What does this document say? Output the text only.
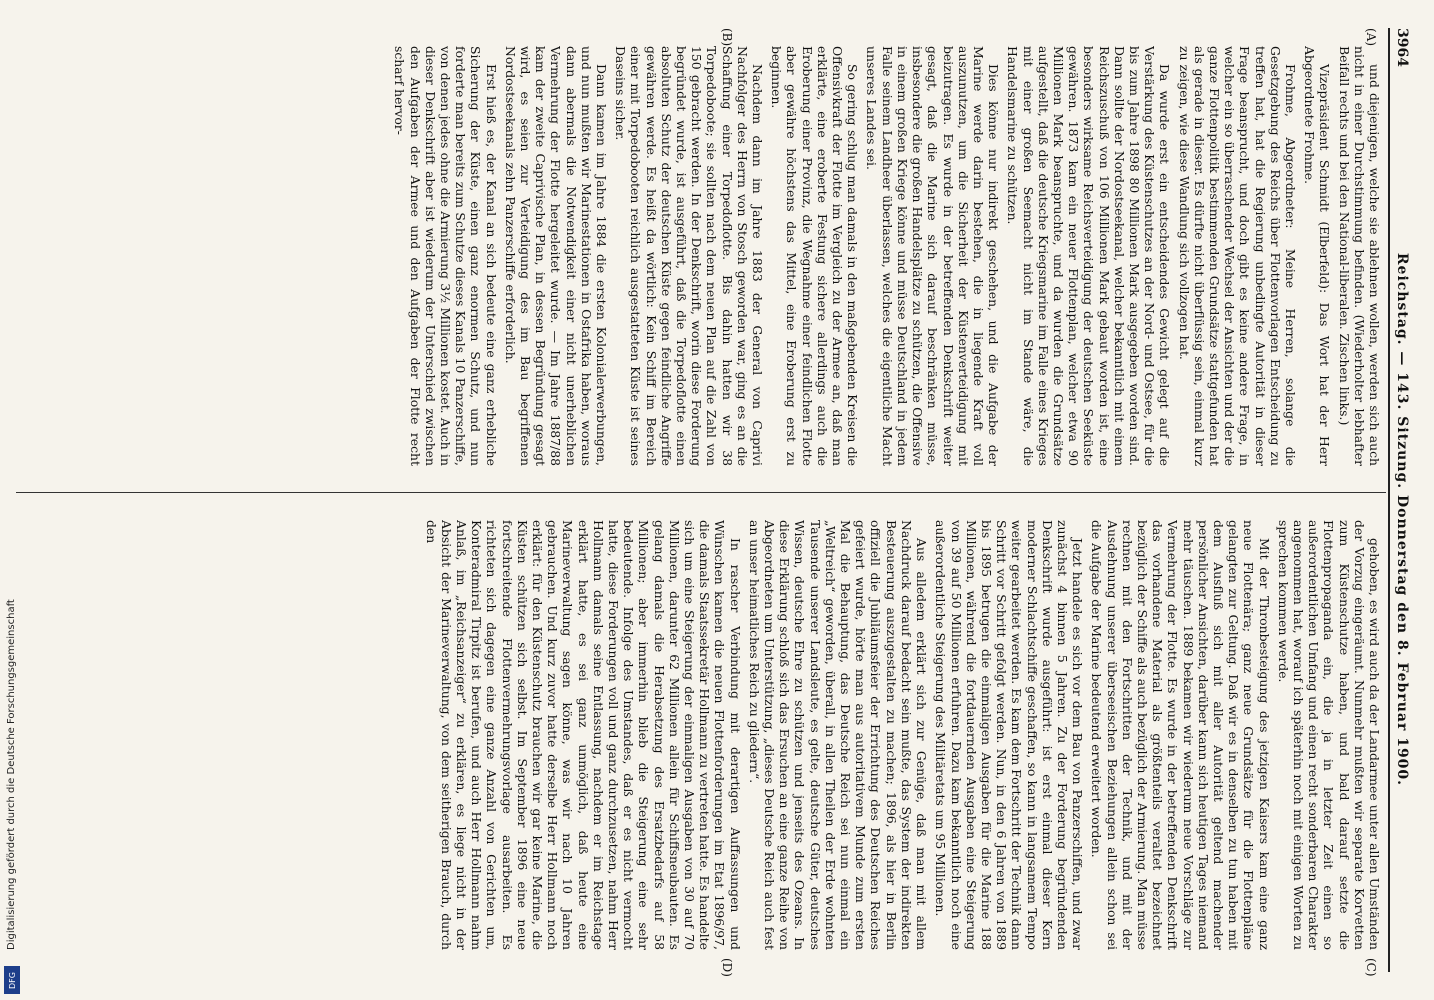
3964
Reichstag. — 143. Sitzung. Donnerstag den 8. Februar 1900.
(A)
(B)
(C)
(D)

und diejenigen, welche sie ablehnen wollen, werden sich auch nicht in einer Durchstimmung befinden. (Wiederholter lebhafter Beifall rechts und bei den National-liberalen. Zischen links.)

Vizepräsident Schmidt (Elberfeld): Das Wort hat der Herr Abgeordnete Frohme.

Frohme, Abgeordneter: Meine Herren, solange die Gesetzgebung des Reichs über Flottenvorlagen Entscheidung zu treffen hat, hat die Regierung unbedingte Autorität in dieser Frage beansprucht, und doch gibt es keine andere Frage, in welcher ein so überraschender Wechsel der Ansichten und der die ganze Flottenpolitik bestimmenden Grundsätze stattgefunden hat als gerade in dieser. Es dürfte nicht überflüssig sein, einmal kurz zu zeigen, wie diese Wandlung sich vollzogen hat.

Da wurde erst ein entscheidendes Gewicht gelegt auf die Verstärkung des Küstenschutzes an der Nord- und Ostsee, für die bis zum Jahre 1898 80 Millionen Mark ausgegeben worden sind. Dann sollte der Nordostseekanal, welcher bekanntlich mit einem Reichszuschuß von 106 Millionen Mark gebaut worden ist, eine besonders wirksame Reichsverteidigung der deutschen Seeküste gewähren. 1873 kam ein neuer Flottenplan, welcher etwa 90 Millionen Mark beanspruchte, und da wurden die Grundsätze aufgestellt, daß die deutsche Kriegsmarine im Falle eines Krieges mit einer großen Seemacht nicht im Stande wäre, die Handelsmarine zu schützen.

Dies könne nur indirekt geschehen, und die Aufgabe der Marine werde darin bestehen, die in liegende Kraft voll auszunutzen, um die Sicherheit der Küstenverteidigung mit beizutragen. Es wurde in der betreffenden Denkschrift weiter gesagt, daß die Marine sich darauf beschränken müsse, insbesondere die großen Handelsplätze zu schützen, die Offensive in einem großen Kriege könne und müsse Deutschland in jedem Falle seinem Landheer überlassen, welches die eigentliche Macht unseres Landes sei.

So gering schlug man damals in den maßgebenden Kreisen die Offensivkraft der Flotte im Vergleich zu der Armee an, daß man erklärte, eine eroberte Festung sichere allerdings auch die Eroberung einer Provinz, die Wegnahme einer feindlichen Flotte aber gewähre höchstens das Mittel, eine Eroberung erst zu beginnen.

Nachdem dann im Jahre 1883 der General von Caprivi Nachfolger des Herrn von Stosch geworden war, ging es an die Schaffung einer Torpedoflotte. Bis dahin hatten wir 38 Torpedoboote; sie sollten nach dem neuen Plan auf die Zahl von 150 gebracht werden. In der Denkschrift, worin diese Forderung begründet wurde, ist ausgeführt, daß die Torpedoflotte einen absoluten Schutz der deutschen Küste gegen feindliche Angriffe gewähren werde. Es heißt da wörtlich: Kein Schiff im Bereich einer mit Torpedobooten reichlich ausgestatteten Küste ist seines Daseins sicher.

Dann kamen im Jahre 1884 die ersten Kolonialerwerbungen, und nun mußten wir Marinestationen in Ostafrika haben, woraus dann abermals die Notwendigkeit einer nicht unerheblichen Vermehrung der Flotte hergeleitet wurde. — Im Jahre 1887/88 kam der zweite Caprivische Plan, in dessen Begründung gesagt wird, es seien zur Verteidigung des im Bau begriffenen Nordostseekanals zehn Panzerschiffe erforderlich.

Erst hieß es, der Kanal an sich bedeute eine ganz erhebliche Sicherung der Küste, einen ganz enormen Schutz, und nun forderte man bereits zum Schutze dieses Kanals 10 Panzerschiffe, von denen jedes ohne die Armierung 3½ Millionen kostet. Auch in dieser Denkschrift aber ist wiederum der Unterschied zwischen den Aufgaben der Armee und den Aufgaben der Flotte recht scharf hervor-

gehoben, es wird auch da der Landarmee unter allen Umständen der Vorzug eingeräumt. Nunmehr mußten wir separate Korvetten zum Küstenschutze haben, und bald darauf setzte die Flottenpropaganda ein, die ja in letzter Zeit einen so außerordentlichen Umfang und einen recht sonderbaren Charakter angenommen hat, worauf ich späterhin noch mit einigen Worten zu sprechen kommen werde.

Mit der Thronbesteigung des jetzigen Kaisers kam eine ganz neue Flottenära; ganz neue Grundsätze für die Flottenpläne gelangten zur Geltung. Daß wir es in denselben zu tun haben mit dem Ausfluß sich mit aller Autorität geltend machender persönlicher Ansichten, darüber kann sich heutigen Tages niemand mehr täuschen. 1889 bekamen wir wiederum neue Vorschläge zur Vermehrung der Flotte. Es wurde in der betreffenden Denkschrift das vorhandene Material als größtenteils veraltet bezeichnet bezüglich der Schiffe als auch bezüglich der Armierung. Man müsse rechnen mit den Fortschritten der Technik, und mit der Ausdehnung unserer überseeischen Beziehungen allein schon sei die Aufgabe der Marine bedeutend erweitert worden.

Jetzt handele es sich vor dem Bau von Panzerschiffen, und zwar zunächst 4 binnen 5 Jahren. Zu der Forderung begründenden Denkschrift wurde ausgeführt: ist erst einmal dieser Kern moderner Schlachtschiffe geschaffen, so kann in langsamem Tempo weiter gearbeitet werden. Es kam dem Fortschritt der Technik dann Schritt vor Schritt gefolgt werden. Nun, in den 6 Jahren von 1889 bis 1895 betrugen die einmaligen Ausgaben für die Marine 188 Millionen, während die fortdauernden Ausgaben eine Steigerung von 39 auf 50 Millionen erfuhren. Dazu kam bekanntlich noch eine außerordentliche Steigerung des Militäretats um 95 Millionen.

Aus alledem erklärt sich zur Genüge, daß man mit allem Nachdruck darauf bedacht sein mußte, das System der indirekten Besteuerung auszugestalten zu machen; 1896, als hier in Berlin offiziell die Jubiläumsfeier der Errichtung des Deutschen Reiches gefeiert wurde, hörte man aus autoritativem Munde zum ersten Mal die Behauptung, das Deutsche Reich sei nun einmal ein „Weltreich“ geworden, überall, in allen Theilen der Erde wohnten Tausende unserer Landsleute, es gelte, deutsche Güter, deutsches Wissen, deutsche Ehre zu schützen und jenseits des Ozeans. In diese Erklärung schloß sich das Ersuchen an eine ganze Reihe von Abgeordneten um Unterstützung, „dieses Deutsche Reich auch fest an unser heimatliches Reich zu gliedern“.

In rascher Verbindung mit derartigen Auffassungen und Wünschen kamen die neuen Flottenforderungen im Etat 1896/97, die damals Staatssekretär Hollmann zu vertreten hatte. Es handelte sich um eine Steigerung der einmaligen Ausgaben von 30 auf 70 Millionen, darunter 62 Millionen allein für Schiffsneubauten. Es gelang damals die Herabsetzung des Ersatzbedarfs auf 58 Millionen; aber immerhin blieb die Steigerung eine sehr bedeutende. Infolge des Umstandes, daß er es nicht vermocht hatte, diese Forderungen voll und ganz durchzusetzen, nahm Herr Hollmann damals seine Entlassung, nachdem er im Reichstage erklärt hatte, es sei ganz unmöglich, daß heute eine Marineverwaltung sagen könne, was wir nach 10 Jahren gebrauchen. Und kurz zuvor hatte derselbe Herr Hollmann noch erklärt: für den Küstenschutz brauchen wir gar keine Marine, die Küsten schützen sich selbst. Im September 1896 eine neue fortschreitende Flottenvermehrungsvorlage ausarbeiten. Es richteten sich dagegen eine ganze Anzahl von Gerichten um, Konteradmiral Tirpitz ist berufen, und auch Herr Hollmann nahm Anlaß, im „Reichsanzeiger“ zu erklären, es liege nicht in der Absicht der Marineverwaltung, von dem seitherigen Brauch, durch den

Digitalisierung gefördert durch die Deutsche Forschungsgemeinschaft
DFG
